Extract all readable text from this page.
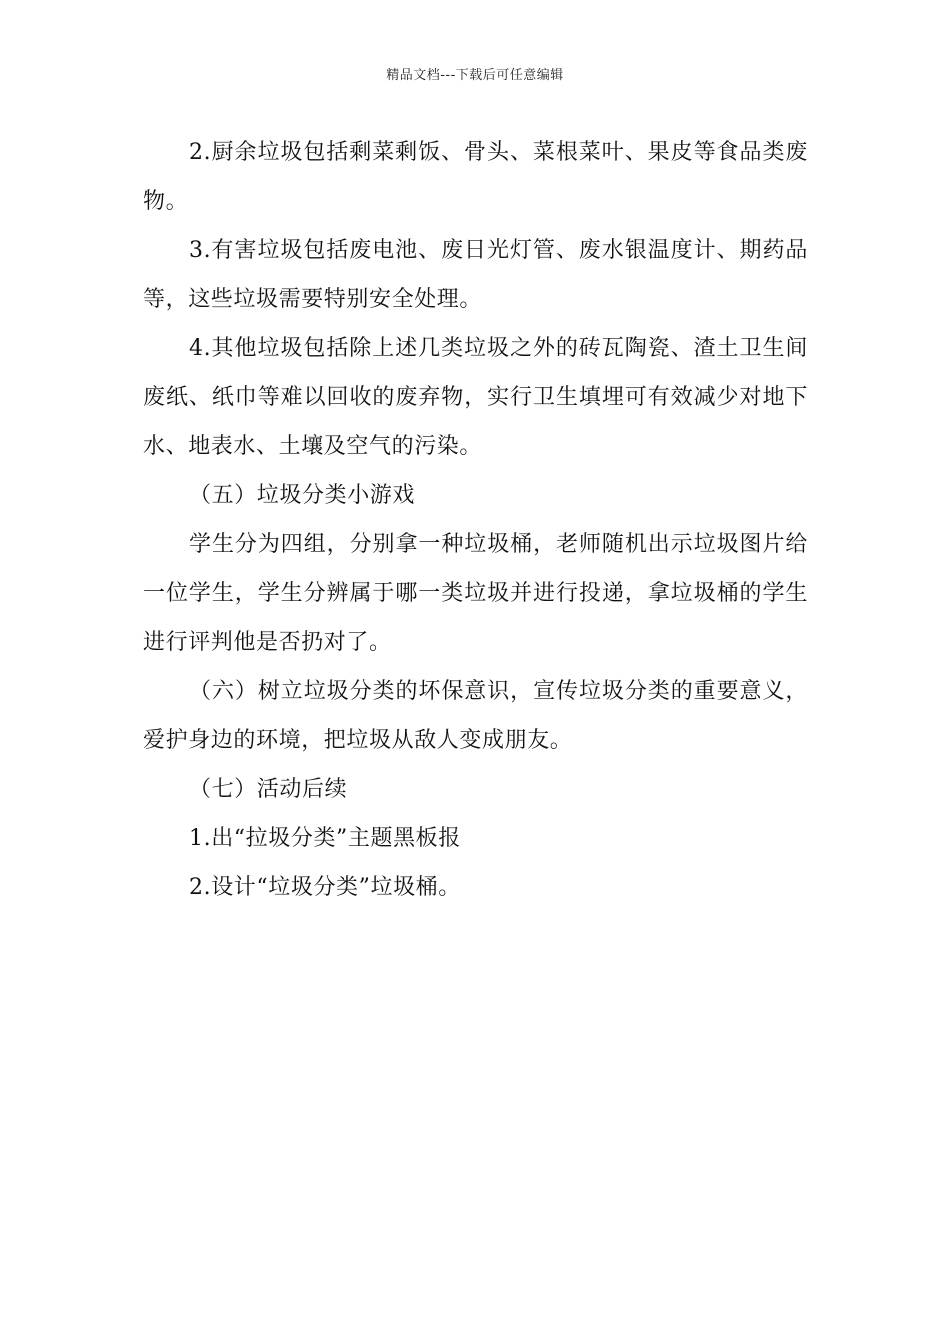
精品文档---下载后可任意编辑

2.厨余垃圾包括剩菜剩饭、骨头、菜根菜叶、果皮等食品类废物。

3.有害垃圾包括废电池、废日光灯管、废水银温度计、期药品等，这些垃圾需要特别安全处理。

4.其他垃圾包括除上述几类垃圾之外的砖瓦陶瓷、渣土卫生间废纸、纸巾等难以回收的废弃物，实行卫生填埋可有效减少对地下水、地表水、土壤及空气的污染。

（五）垃圾分类小游戏

学生分为四组，分别拿一种垃圾桶，老师随机出示垃圾图片给一位学生，学生分辨属于哪一类垃圾并进行投递，拿垃圾桶的学生进行评判他是否扔对了。

（六）树立垃圾分类的坏保意识，宣传垃圾分类的重要意义，爱护身边的环境，把垃圾从敌人变成朋友。

（七）活动后续

1.出“拉圾分类”主题黑板报

2.设计“垃圾分类”垃圾桶。
